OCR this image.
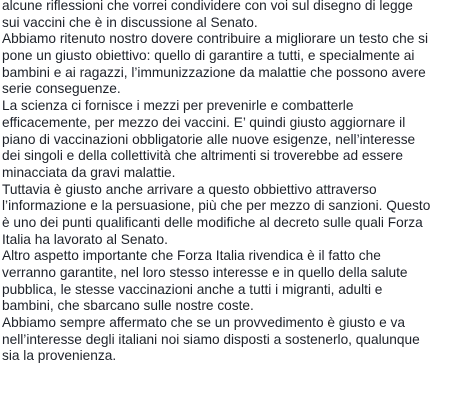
alcune riflessioni che vorrei condividere con voi sul disegno di legge
sui vaccini che è in discussione al Senato.
Abbiamo ritenuto nostro dovere contribuire a migliorare un testo che si
pone un giusto obiettivo: quello di garantire a tutti, e specialmente ai
bambini e ai ragazzi, l’immunizzazione da malattie che possono avere
serie conseguenze.
La scienza ci fornisce i mezzi per prevenirle e combatterle
efficacemente, per mezzo dei vaccini. E’ quindi giusto aggiornare il
piano di vaccinazioni obbligatorie alle nuove esigenze, nell’interesse
dei singoli e della collettività che altrimenti si troverebbe ad essere
minacciata da gravi malattie.
Tuttavia è giusto anche arrivare a questo obbiettivo attraverso
l’informazione e la persuasione, più che per mezzo di sanzioni. Questo
è uno dei punti qualificanti delle modifiche al decreto sulle quali Forza
Italia ha lavorato al Senato.
Altro aspetto importante che Forza Italia rivendica è il fatto che
verranno garantite, nel loro stesso interesse e in quello della salute
pubblica, le stesse vaccinazioni anche a tutti i migranti, adulti e
bambini, che sbarcano sulle nostre coste.
Abbiamo sempre affermato che se un provvedimento è giusto e va
nell’interesse degli italiani noi siamo disposti a sostenerlo, qualunque
sia la provenienza.
